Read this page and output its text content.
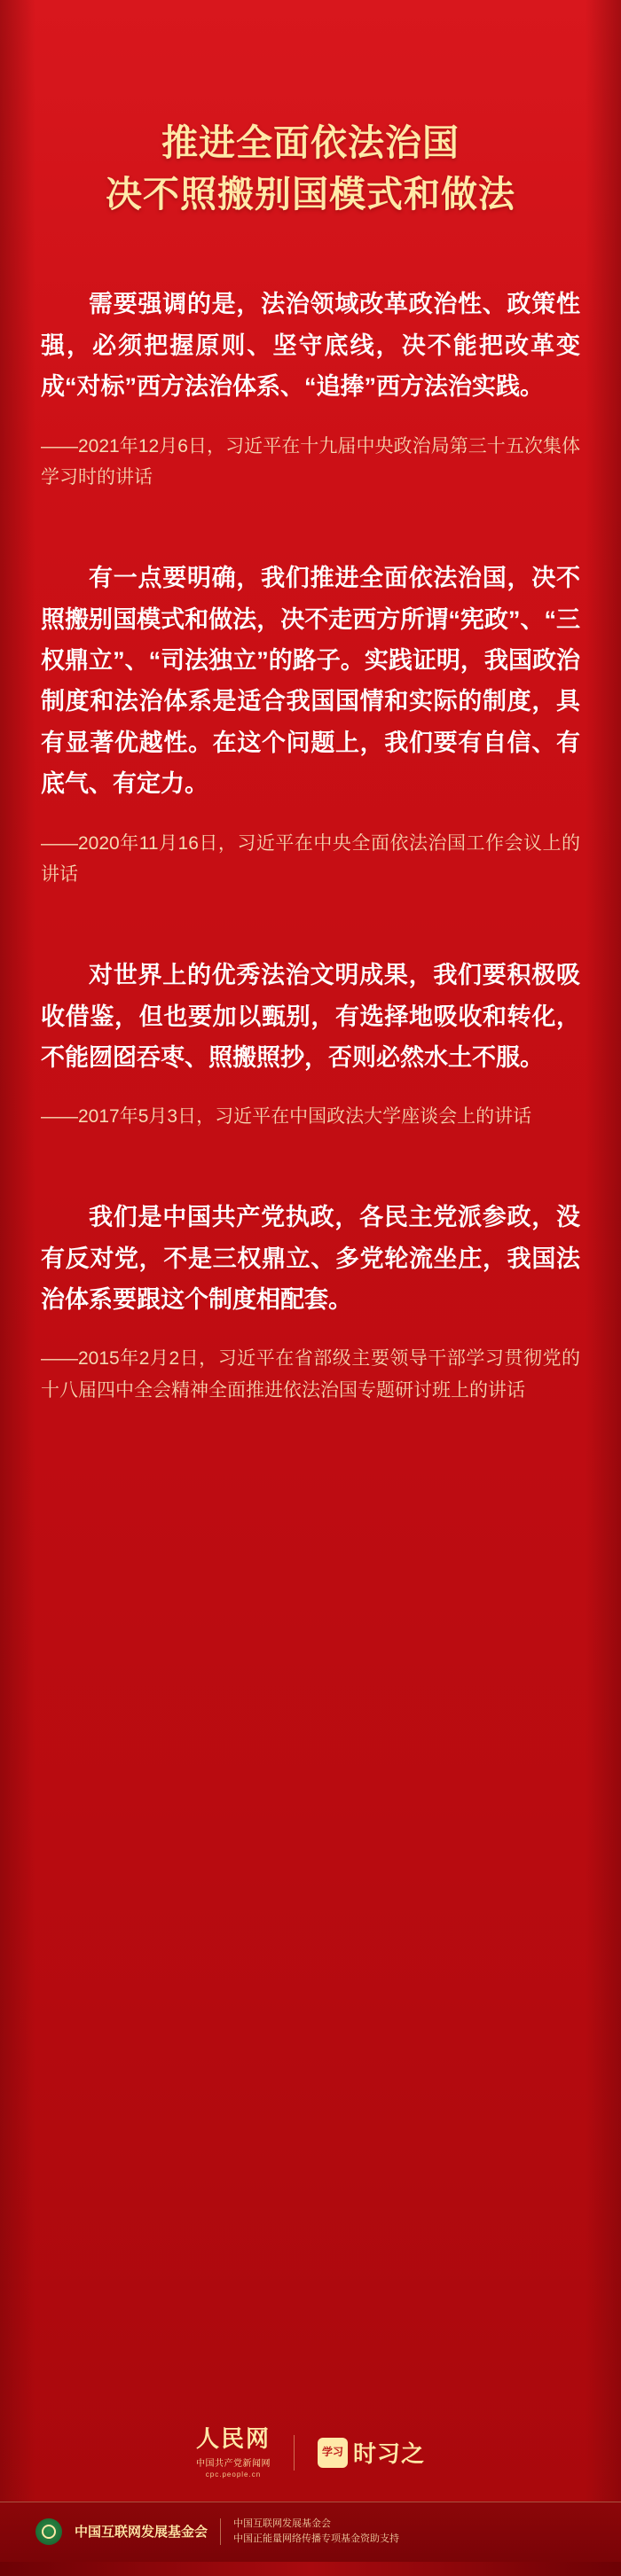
推进全面依法治国
决不照搬别国模式和做法
需要强调的是，法治领域改革政治性、政策性强，必须把握原则、坚守底线，决不能把改革变成“对标”西方法治体系、“追捧”西方法治实践。
——2021年12月6日，习近平在十九届中央政治局第三十五次集体学习时的讲话
有一点要明确，我们推进全面依法治国，决不照搬别国模式和做法，决不走西方所谓“宪政”、“三权鼎立”、“司法独立”的路子。实践证明，我国政治制度和法治体系是适合我国国情和实际的制度，具有显著优越性。在这个问题上，我们要有自信、有底气、有定力。
——2020年11月16日，习近平在中央全面依法治国工作会议上的讲话
对世界上的优秀法治文明成果，我们要积极吸收借鉴，但也要加以甄别，有选择地吸收和转化，不能囫囵吞枣、照搬照抄，否则必然水土不服。
——2017年5月3日，习近平在中国政法大学座谈会上的讲话
我们是中国共产党执政，各民主党派参政，没有反对党，不是三权鼎立、多党轮流坐庄，我国法治体系要跟这个制度相配套。
——2015年2月2日，习近平在省部级主要领导干部学习贯彻党的十八届四中全会精神全面推进依法治国专题研讨班上的讲话
人民网
中国共产党新闻网
cpc.people.cn
学习 时习之
中国互联网发展基金会
中国互联网发展基金会
中国正能量网络传播专项基金资助支持
